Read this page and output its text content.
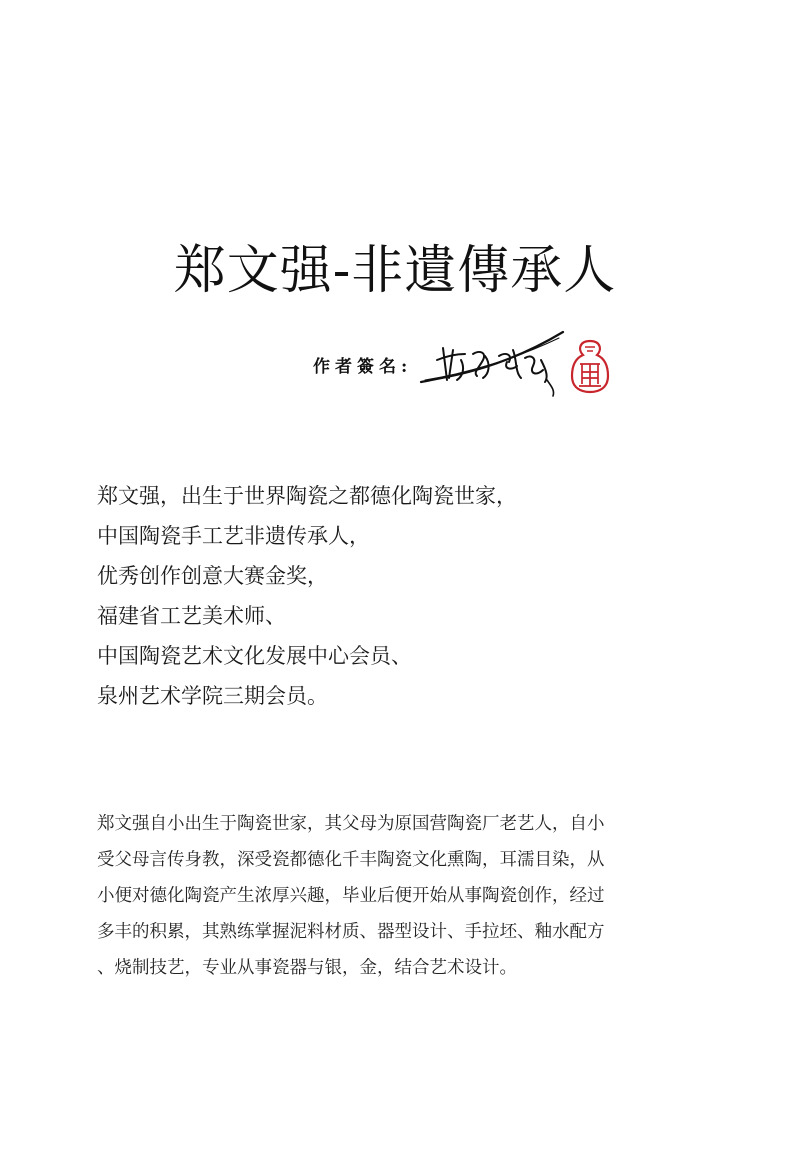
郑文强-非遺傳承人
作者簽名:
郑文强，出生于世界陶瓷之都德化陶瓷世家，
中国陶瓷手工艺非遗传承人，
优秀创作创意大赛金奖，
福建省工艺美术师、
中国陶瓷艺术文化发展中心会员、
泉州艺术学院三期会员。
郑文强自小出生于陶瓷世家，其父母为原国营陶瓷厂老艺人，自小
受父母言传身教，深受瓷都德化千丰陶瓷文化熏陶，耳濡目染，从
小便对德化陶瓷产生浓厚兴趣，毕业后便开始从事陶瓷创作，经过
多丰的积累，其熟练掌握泥料材质、器型设计、手拉坯、釉水配方
、烧制技艺，专业从事瓷器与银，金，结合艺术设计。
